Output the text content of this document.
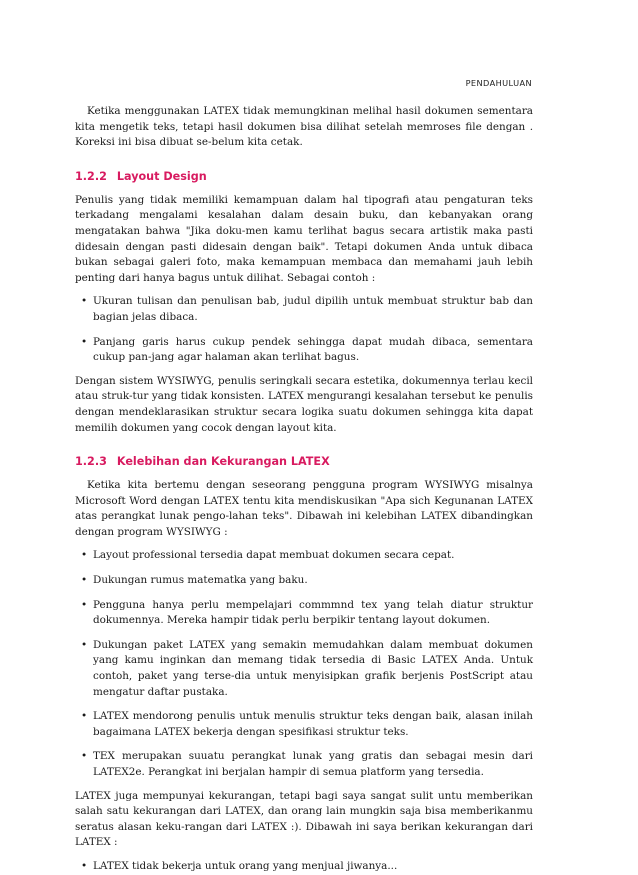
PENDAHULUAN

Ketika menggunakan LATEX tidak memungkinan melihal hasil dokumen sementara kita mengetik teks, tetapi hasil dokumen bisa dilihat setelah memroses file dengan . Koreksi ini bisa dibuat se-belum kita cetak.

1.2.2 Layout Design

Penulis yang tidak memiliki kemampuan dalam hal tipografi atau pengaturan teks terkadang mengalami kesalahan dalam desain buku, dan kebanyakan orang mengatakan bahwa "Jika doku-men kamu terlihat bagus secara artistik maka pasti didesain dengan pasti didesain dengan baik". Tetapi dokumen Anda untuk dibaca bukan sebagai galeri foto, maka kemampuan membaca dan memahami jauh lebih penting dari hanya bagus untuk dilihat. Sebagai contoh :

• Ukuran tulisan dan penulisan bab, judul dipilih untuk membuat struktur bab dan bagian jelas dibaca.
• Panjang garis harus cukup pendek sehingga dapat mudah dibaca, sementara cukup pan-jang agar halaman akan terlihat bagus.

Dengan sistem WYSIWYG, penulis seringkali secara estetika, dokumennya terlau kecil atau struk-tur yang tidak konsisten. LATEX mengurangi kesalahan tersebut ke penulis dengan mendeklarasikan struktur secara logika suatu dokumen sehingga kita dapat memilih dokumen yang cocok dengan layout kita.

1.2.3 Kelebihan dan Kekurangan LATEX

Ketika kita bertemu dengan seseorang pengguna program WYSIWYG misalnya Microsoft Word dengan LATEX tentu kita mendiskusikan "Apa sich Kegunanan LATEX atas perangkat lunak pengo-lahan teks". Dibawah ini kelebihan LATEX dibandingkan dengan program WYSIWYG :

• Layout professional tersedia dapat membuat dokumen secara cepat.
• Dukungan rumus matematka yang baku.
• Pengguna hanya perlu mempelajari commmnd tex yang telah diatur struktur dokumennya. Mereka hampir tidak perlu berpikir tentang layout dokumen.
• Dukungan paket LATEX yang semakin memudahkan dalam membuat dokumen yang kamu inginkan dan memang tidak tersedia di Basic LATEX Anda. Untuk contoh, paket yang terse-dia untuk menyisipkan grafik berjenis PostScript atau mengatur daftar pustaka.
• LATEX mendorong penulis untuk menulis struktur teks dengan baik, alasan inilah bagaimana LATEX bekerja dengan spesifikasi struktur teks.
• TEX merupakan suuatu perangkat lunak yang gratis dan sebagai mesin dari LATEX2e. Perangkat ini berjalan hampir di semua platform yang tersedia.

LATEX juga mempunyai kekurangan, tetapi bagi saya sangat sulit untu memberikan salah satu kekurangan dari LATEX, dan orang lain mungkin saja bisa memberikanmu seratus alasan keku-rangan dari LATEX :). Dibawah ini saya berikan kekurangan dari LATEX :

• LATEX tidak bekerja untuk orang yang menjual jiwanya...
